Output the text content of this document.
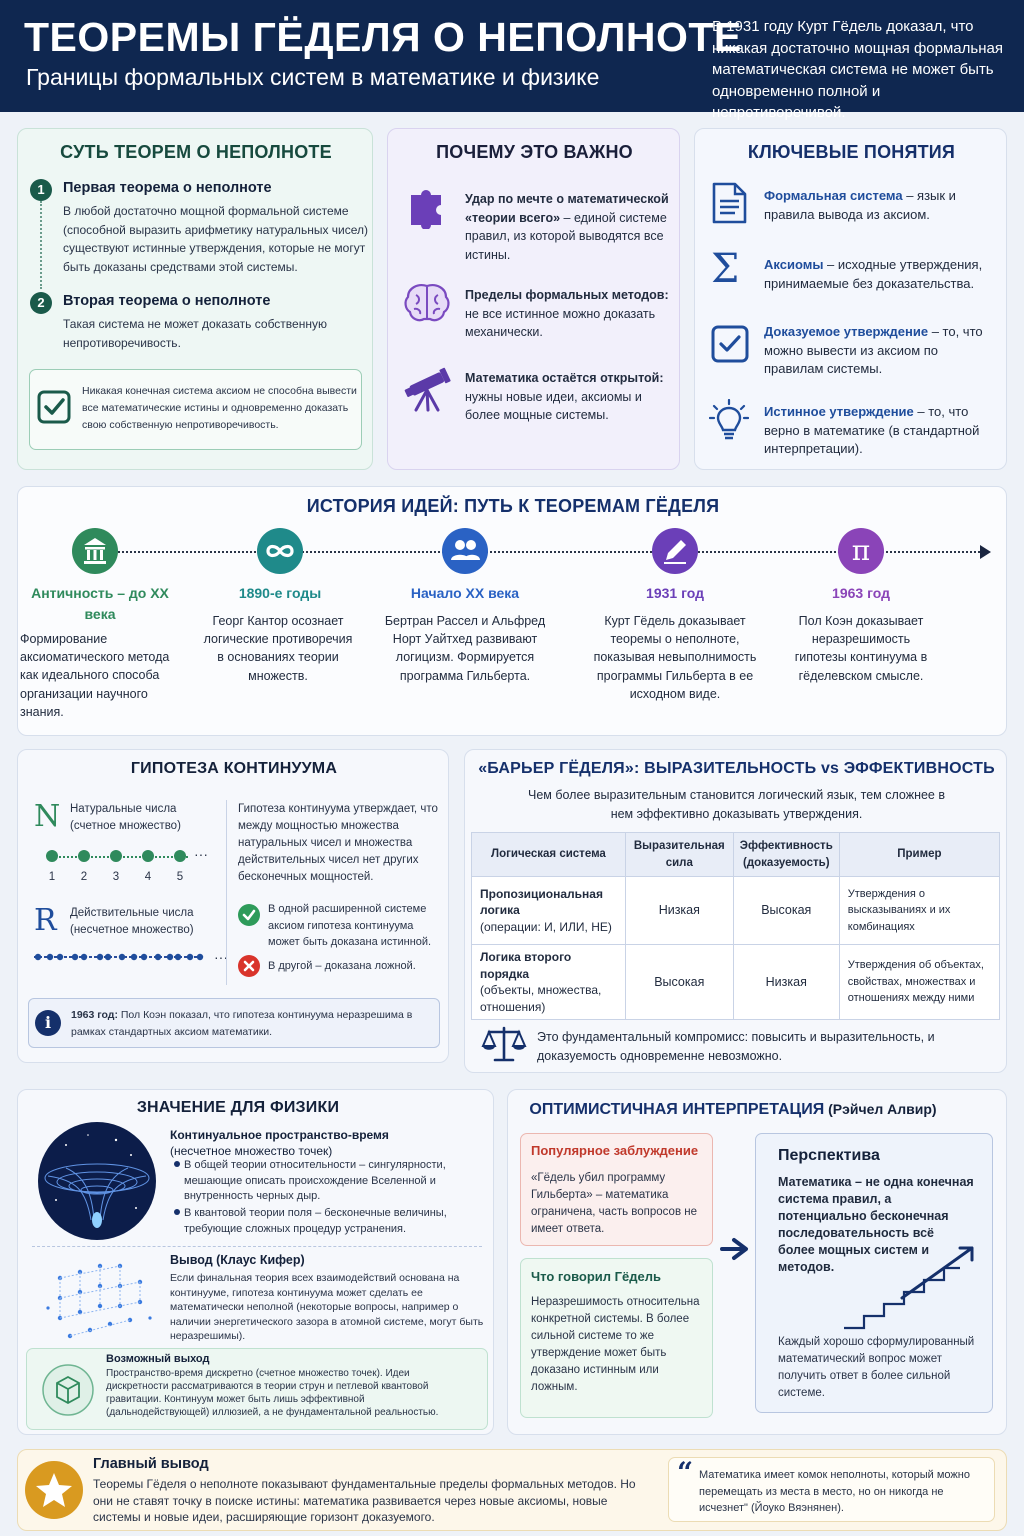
ТЕОРЕМЫ ГЁДЕЛЯ О НЕПОЛНОТЕ
Границы формальных систем в математике и физике
В 1931 году Курт Гёдель доказал, что никакая достаточно мощная формальная математическая система не может быть одновременно полной и непротиворечивой.
СУТЬ ТЕОРЕМ О НЕПОЛНОТЕ
1	Первая теорема о неполноте
В любой достаточно мощной формальной системе (способной выразить арифметику натуральных чисел) существуют истинные утверждения, которые не могут быть доказаны средствами этой системы.
2	Вторая теорема о неполноте
Такая система не может доказать собственную непротиворечивость.
Никакая конечная система аксиом не способна вывести все математические истины и одновременно доказать свою собственную непротиворечивость.
ПОЧЕМУ ЭТО ВАЖНО
Удар по мечте о математической «теории всего» – единой системе правил, из которой выводятся все истины.
Пределы формальных методов: не все истинное можно доказать механически.
Математика остаётся открытой: нужны новые идеи, аксиомы и более мощные системы.
КЛЮЧЕВЫЕ ПОНЯТИЯ
Формальная система – язык и правила вывода из аксиом.
Σ Аксиомы – исходные утверждения, принимаемые без доказательства.
Доказуемое утверждение – то, что можно вывести из аксиом по правилам системы.
Истинное утверждение – то, что верно в математике (в стандартной интерпретации).
ИСТОРИЯ ИДЕЙ: ПУТЬ К ТЕОРЕМАМ ГЁДЕЛЯ
π
Античность – до XX века
Формирование аксиоматического метода как идеального способа организации научного знания.
1890-е годы
Георг Кантор осознает логические противоречия в основаниях теории множеств.
Начало XX века
Бертран Рассел и Альфред Норт Уайтхед развивают логицизм. Формируется программа Гильберта.
1931 год
Курт Гёдель доказывает теоремы о неполноте, показывая невыполнимость программы Гильберта в ее исходном виде.
1963 год
Пол Коэн доказывает неразрешимость гипотезы континуума в гёделевском смысле.
ГИПОТЕЗА КОНТИНУУМА
N Натуральные числа (счетное множество)
···
1 2 3 4 5
R Действительные числа (несчетное множество)
···
Гипотеза континуума утверждает, что между мощностью множества натуральных чисел и множества действительных чисел нет других бесконечных мощностей.
В одной расширенной системе аксиом гипотеза континуума может быть доказана истинной.
В другой – доказана ложной.
i	1963 год: Пол Коэн показал, что гипотеза континуума неразрешима в рамках стандартных аксиом математики.
«БАРЬЕР ГЁДЕЛЯ»: ВЫРАЗИТЕЛЬНОСТЬ vs ЭФФЕКТИВНОСТЬ
Чем более выразительным становится логический язык, тем сложнее в нем эффективно доказывать утверждения.
Логическая система	Выразительная сила	Эффективность (доказуемость)	Пример
Пропозициональная логика
(операции: И, ИЛИ, НЕ)	Низкая	Высокая	Утверждения о высказываниях и их комбинациях
Логика второго порядка
(объекты, множества, отношения)	Высокая	Низкая	Утверждения об объектах, свойствах, множествах и отношениях между ними
Это фундаментальный компромисс: повысить и выразительность, и доказуемость одновременне невозможно.
ЗНАЧЕНИЕ ДЛЯ ФИЗИКИ
Континуальное пространство-время
(несчетное множество точек)
В общей теории относительности – сингулярности, мешающие описать происхождение Вселенной и внутренность черных дыр.
В квантовой теории поля – бесконечные величины, требующие сложных процедур устранения.
Вывод (Клаус Кифер)
Если финальная теория всех взаимодействий основана на континууме, гипотеза континуума может сделать ее математически неполной (некоторые вопросы, например о наличии энергетического зазора в атомной системе, могут быть неразрешимы).
Возможный выход
Пространство-время дискретно (счетное множество точек). Идеи дискретности рассматриваются в теории струн и петлевой квантовой гравитации. Континуум может быть лишь эффективной (дальнодействующей) иллюзией, а не фундаментальной реальностью.
ОПТИМИСТИЧНАЯ ИНТЕРПРЕТАЦИЯ (Рэйчел Алвир)
Популярное заблуждение
«Гёдель убил программу Гильберта» – математика ограничена, часть вопросов не имеет ответа.
Что говорил Гёдель
Неразрешимость относительна конкретной системы. В более сильной системе то же утверждение может быть доказано истинным или ложным.
Перспектива
Математика – не одна конечная система правил, а потенциально бесконечная последовательность всё более мощных систем и методов.
Каждый хорошо сформулированный математический вопрос может получить ответ в более сильной системе.
Главный вывод
Теоремы Гёделя о неполноте показывают фундаментальные пределы формальных методов. Но они не ставят точку в поиске истины: математика развивается через новые аксиомы, новые системы и новые идеи, расширяющие горизонт доказуемого.
“ Математика имеет комок неполноты, который можно перемещать из места в место, но он никогда не исчезнет" (Йоуко Вяэнянен).
